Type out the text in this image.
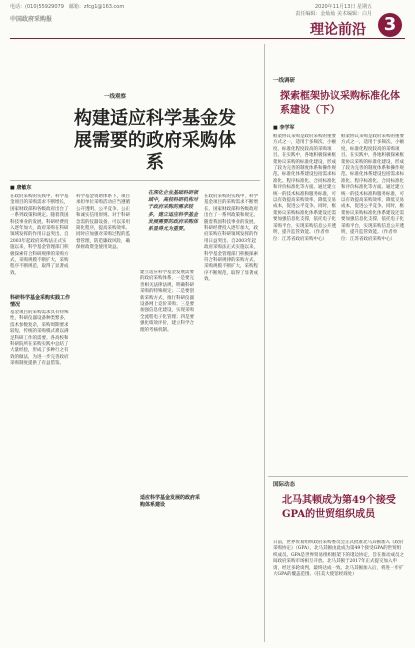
电话：(010)55929079　邮箱：zfcg1@163.com
中国政府采购报
2020年11月13日 星期五
责任编辑：金灿灿 美术编辑：白月
理论前沿 3
一线观察
构建适应科学基金发展需要的政府采购体系
■ 唐敏东
在政府采购的实践中，科学基金项目的采购需求不断增长，国家财政部和各级政府出台了一系列政策和规定。随着我国科技事业的发展，科研经费投入逐年加大，政府采购在科研领域发挥的作用日益突出。自2003年起政府采购法正式实施以来，科学基金管理部门积极探索符合科研规律的采购方式，采购规模不断扩大，采购程序不断规范，取得了显著成效。
科研科学基金采购实践工作情况
基金项目的采购需求具有特殊性，科研仪器设备种类繁多，技术参数复杂，采购周期要求较短，传统的采购模式难以满足科研工作的需要。各高校和科研院所在采购实践中总结了大量经验，形成了多种行之有效的做法，为进一步完善政府采购制度提供了有益借鉴。
科学基金资助体系下，项目承担单位采购活动应当遵循公开透明、公平竞争、公正和诚实信用原则。对于科研急需的仪器设备，可以采用简化程序，提高采购效率。同时应加强对采购过程的监督管理，防范廉政风险，确保财政资金使用效益。
在深化企业基础科研领域中，高校科研机构对于政府采购的需求较多，建立适应科学基金发展需要的政府采购体系显得尤为重要。
建立适应科学基金发展需要的政府采购体系，一是要完善相关法律法规，明确科研采购的特殊规定；二是要创新采购方式，推行科研仪器设备网上竞价采购；三是要加强信息化建设，实现采购全流程电子化管理；四是要强化绩效评价，建立科学合理的考核机制。
适应科学基金发展的政府采购体系建设
在政府采购的实践中，科学基金项目的采购需求不断增长，国家财政部和各级政府出台了一系列政策和规定。随着我国科技事业的发展，科研经费投入逐年加大，政府采购在科研领域发挥的作用日益突出。自2003年起政府采购法正式实施以来，科学基金管理部门积极探索符合科研规律的采购方式，采购规模不断扩大，采购程序不断规范，取得了显著成效。
一线调研
探索框架协议采购标准化体系建设（下）
■ 李学军
框架协议采购是政府采购的重要方式之一，适用于多频次、小额度、标准化程度较高的采购项目。在实践中，各地积极探索框架协议采购的标准化建设，形成了较为完善的制度体系和操作规范。标准化体系建设包括需求标准化、程序标准化、合同标准化和评价标准化等方面。通过建立统一的技术标准和服务标准，可以有效提高采购效率，降低交易成本，促进公平竞争。同时，框架协议采购标准化体系建设还需要加强信息化支撑，依托电子化采购平台，实现采购信息公开透明，提升监管效能。（作者单位：江苏省政府采购中心）
框架协议采购是政府采购的重要方式之一，适用于多频次、小额度、标准化程度较高的采购项目。在实践中，各地积极探索框架协议采购的标准化建设，形成了较为完善的制度体系和操作规范。标准化体系建设包括需求标准化、程序标准化、合同标准化和评价标准化等方面。通过建立统一的技术标准和服务标准，可以有效提高采购效率，降低交易成本，促进公平竞争。同时，框架协议采购标准化体系建设还需要加强信息化支撑，依托电子化采购平台，实现采购信息公开透明，提升监管效能。（作者单位：江苏省政府采购中心）
国际动态
北马其顿成为第49个接受GPA的世贸组织成员
日前，世界贸易组织政府采购委员会正式批准北马其顿加入《政府采购协定》（GPA），北马其顿由此成为第49个接受GPA的世贸组织成员。GPA是世界贸易组织框架下的诸边协定，旨在推动成员之间政府采购市场相互开放。北马其顿于2017年正式提交加入申请，经过多轮谈判，最终达成一致。北马其顿加入后，将进一步扩大GPA的覆盖范围。（驻美大使馆经商处）
